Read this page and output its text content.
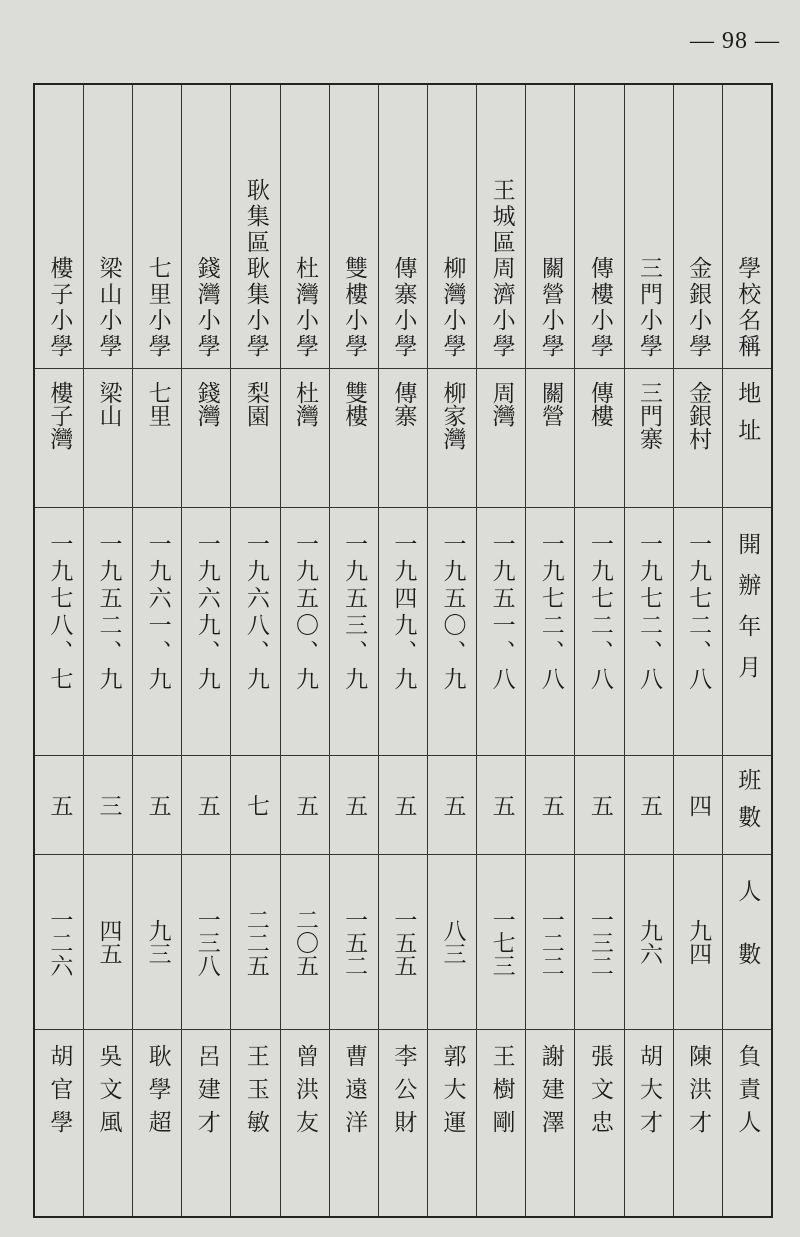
— 98 —
學校名稱
地址
開辦年月
班數
人數
負責人
金銀小學
金銀村
一九七二、八
四
九四
陳洪才
三門小學
三門寨
一九七二、八
五
九六
胡大才
傳樓小學
傳樓
一九七二、八
五
一三二
張文忠
關營小學
關營
一九七二、八
五
一二二
謝建澤
王城區周濟小學
周灣
一九五一、八
五
一七三
王樹剛
柳灣小學
柳家灣
一九五〇、九
五
八三
郭大運
傳寨小學
傳寨
一九四九、九
五
一五五
李公財
雙樓小學
雙樓
一九五三、九
五
一五二
曹遠洋
杜灣小學
杜灣
一九五〇、九
五
二〇五
曾洪友
耿集區耿集小學
梨園
一九六八、九
七
二二五
王玉敏
錢灣小學
錢灣
一九六九、九
五
一三八
呂建才
七里小學
七里
一九六一、九
五
九三
耿學超
梁山小學
梁山
一九五二、九
三
四五
吳文風
樓子小學
樓子灣
一九七八、七
五
一二六
胡官學
